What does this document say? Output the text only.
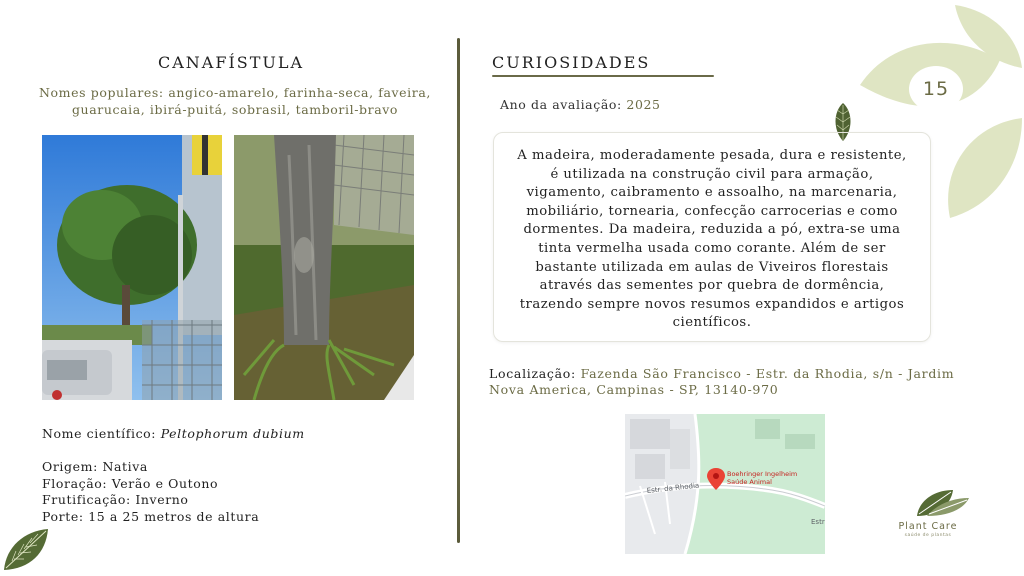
15
CANAFÍSTULA
Nomes populares: angico-amarelo, farinha-seca, faveira, guarucaia, ibirá-puitá, sobrasil, tamboril-bravo
Nome científico: Peltophorum dubium
Origem: Nativa
Floração: Verão e Outono
Frutificação: Inverno
Porte: 15 a 25 metros de altura
CURIOSIDADES
Ano da avaliação: 2025
A madeira, moderadamente pesada, dura e resistente, é utilizada na construção civil para armação, vigamento, caibramento e assoalho, na marcenaria, mobiliário, tornearia, confecção carrocerias e como dormentes. Da madeira, reduzida a pó, extra-se uma tinta vermelha usada como corante. Além de ser bastante utilizada em aulas de Viveiros florestais através das sementes por quebra de dormência, trazendo sempre novos resumos expandidos e artigos científicos.
Localização: Fazenda São Francisco - Estr. da Rhodia, s/n - Jardim Nova America, Campinas - SP, 13140-970
Estr. da Rhodia
Estr
Boehringer Ingelheim
Saúde Animal
Plant Care
saúde de plantas
